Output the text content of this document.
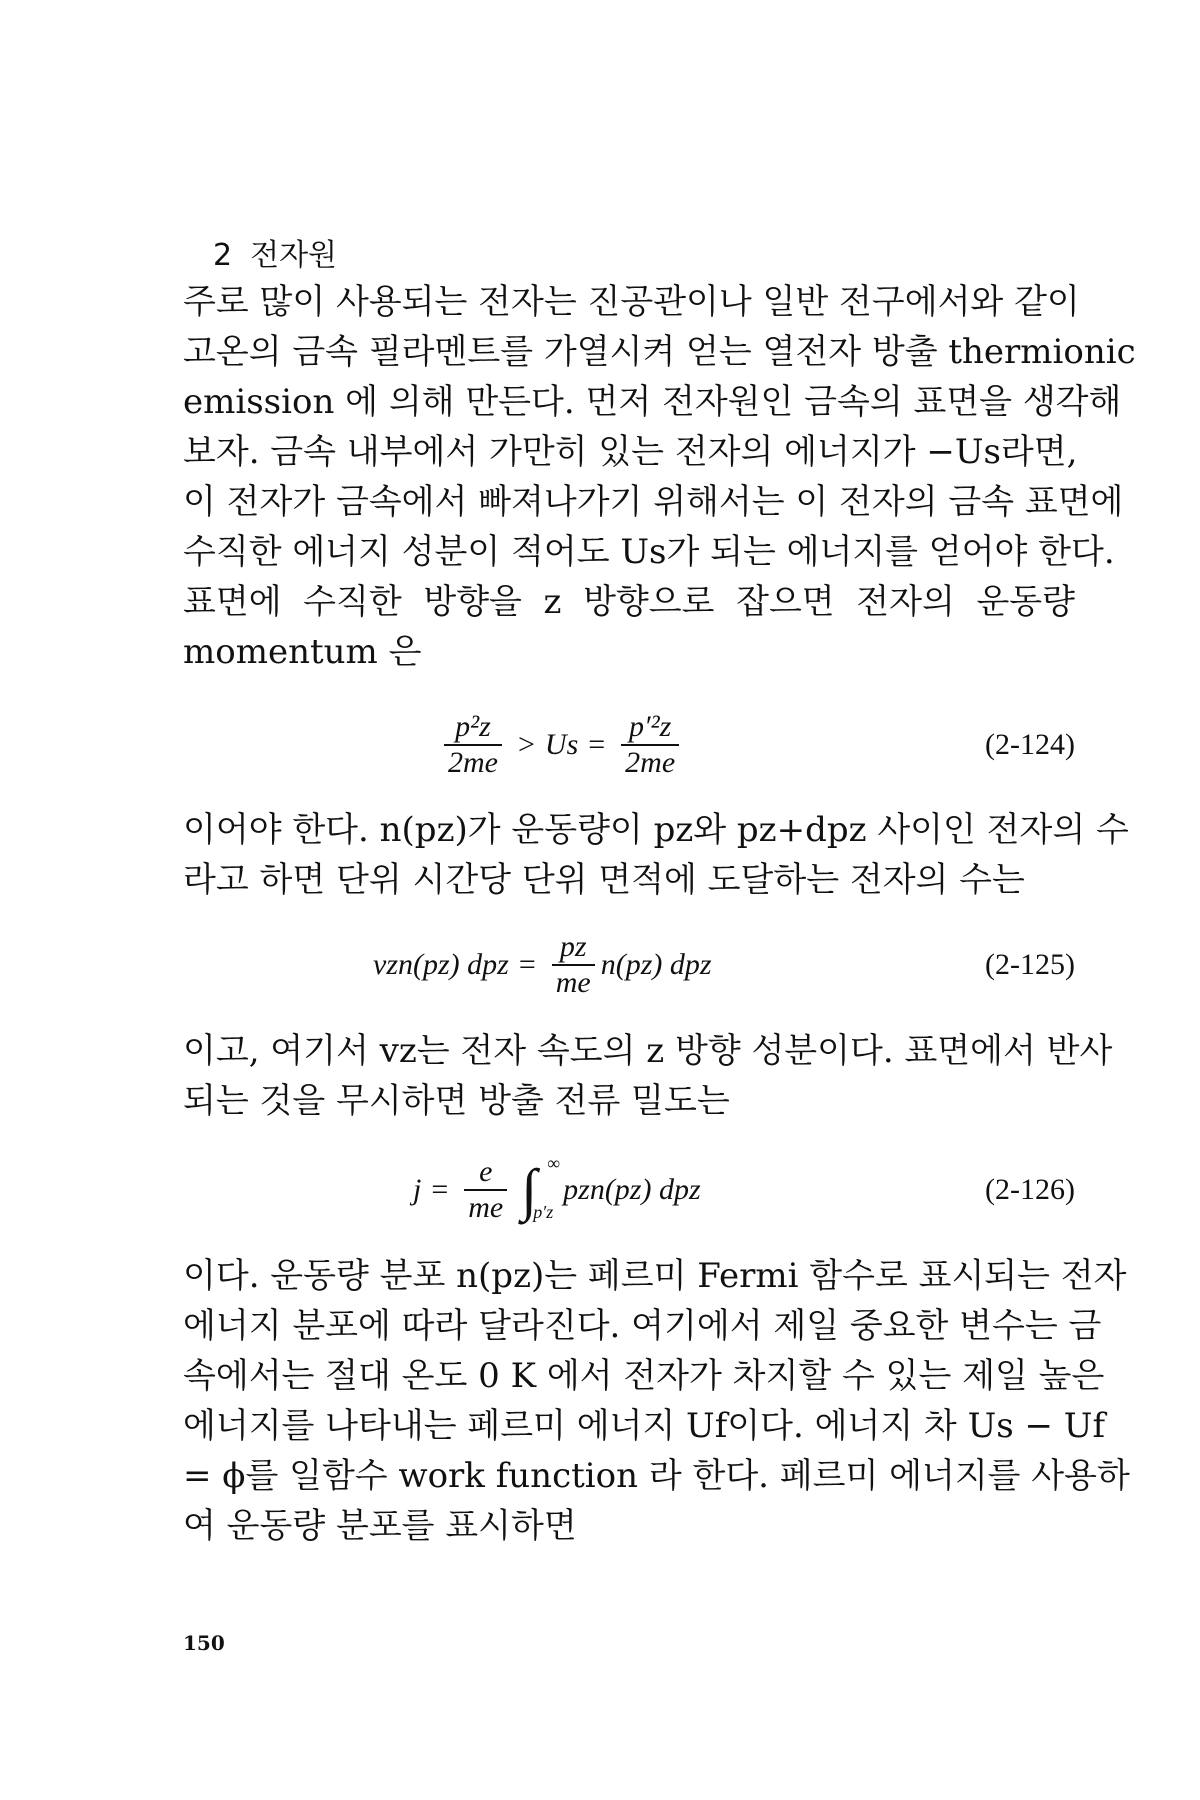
2 전자원
주로 많이 사용되는 전자는 진공관이나 일반 전구에서와 같이
고온의 금속 필라멘트를 가열시켜 얻는 열전자 방출 thermionic
emission 에 의해 만든다. 먼저 전자원인 금속의 표면을 생각해
보자. 금속 내부에서 가만히 있는 전자의 에너지가 −Us라면,
이 전자가 금속에서 빠져나가기 위해서는 이 전자의 금속 표면에
수직한 에너지 성분이 적어도 Us가 되는 에너지를 얻어야 한다.
표면에 수직한 방향을 z 방향으로 잡으면 전자의 운동량
momentum 은
$\frac{\text{p²z}}{2me} > Us = \frac{\text{p′²z}}{2me}$	(2-124)
이어야 한다. n(pz)가 운동량이 pz와 pz+dpz 사이인 전자의 수
라고 하면 단위 시간당 단위 면적에 도달하는 전자의 수는
vzn(pz) dpz = $\frac{pz}{me} n(pz)$ dpz	(2-125)
이고, 여기서 vz는 전자 속도의 z 방향 성분이다. 표면에서 반사
되는 것을 무시하면 방출 전류 밀도는
$j = \frac{e}{me}$ ∫ ∞
p′z
pzn(pz) dpz	(2-126)
이다. 운동량 분포 n(pz)는 페르미 Fermi 함수로 표시되는 전자
에너지 분포에 따라 달라진다. 여기에서 제일 중요한 변수는 금
속에서는 절대 온도 0 K 에서 전자가 차지할 수 있는 제일 높은
에너지를 나타내는 페르미 에너지 Uf이다. 에너지 차 Us − Uf
= ϕ를 일함수 work function 라 한다. 페르미 에너지를 사용하
여 운동량 분포를 표시하면
150
